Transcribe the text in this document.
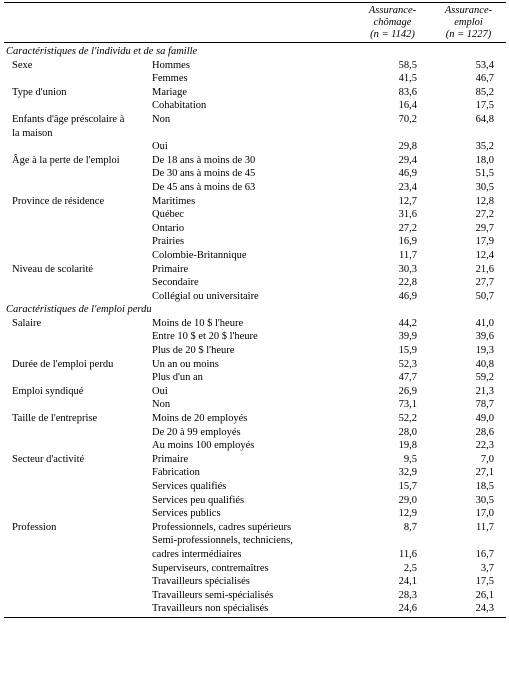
		Assurance-
chômage
(n = 1142)	Assurance-
emploi
(n = 1227)

Caractéristiques de l'individu et de sa famille			

Sexe	Hommes	58,5	53,4

	Femmes	41,5	46,7

Type d'union	Mariage	83,6	85,2

	Cohabitation	16,4	17,5

Enfants d'âge préscolaire à
la maison	Non	70,2	64,8

	Oui	29,8	35,2

Âge à la perte de l'emploi	De 18 ans à moins de 30	29,4	18,0

	De 30 ans à moins de 45	46,9	51,5

	De 45 ans à moins de 63	23,4	30,5

Province de résidence	Maritimes	12,7	12,8

	Québec	31,6	27,2

	Ontario	27,2	29,7

	Prairies	16,9	17,9

	Colombie-Britannique	11,7	12,4

Niveau de scolarité	Primaire	30,3	21,6

	Secondaire	22,8	27,7

	Collégial ou universitaire	46,9	50,7
Caractéristiques de l'emploi perdu			

Salaire	Moins de 10 $ l'heure	44,2	41,0

	Entre 10 $ et 20 $ l'heure	39,9	39,6

	Plus de 20 $ l'heure	15,9	19,3

Durée de l'emploi perdu	Un an ou moins	52,3	40,8

	Plus d'un an	47,7	59,2

Emploi syndiqué	Oui	26,9	21,3

	Non	73,1	78,7

Taille de l'entreprise	Moins de 20 employés	52,2	49,0

	De 20 à 99 employés	28,0	28,6

	Au moins 100 employés	19,8	22,3

Secteur d'activité	Primaire	9,5	7,0

	Fabrication	32,9	27,1

	Services qualifiés	15,7	18,5

	Services peu qualifiés	29,0	30,5

	Services publics	12,9	17,0

Profession	Professionnels, cadres supérieurs	8,7	11,7

	Semi-professionnels, techniciens,
cadres intermédiaires	11,6	16,7

	Superviseurs, contremaîtres	2,5	3,7

	Travailleurs spécialisés	24,1	17,5

	Travailleurs semi-spécialisés	28,3	26,1

	Travailleurs non spécialisés	24,6	24,3
